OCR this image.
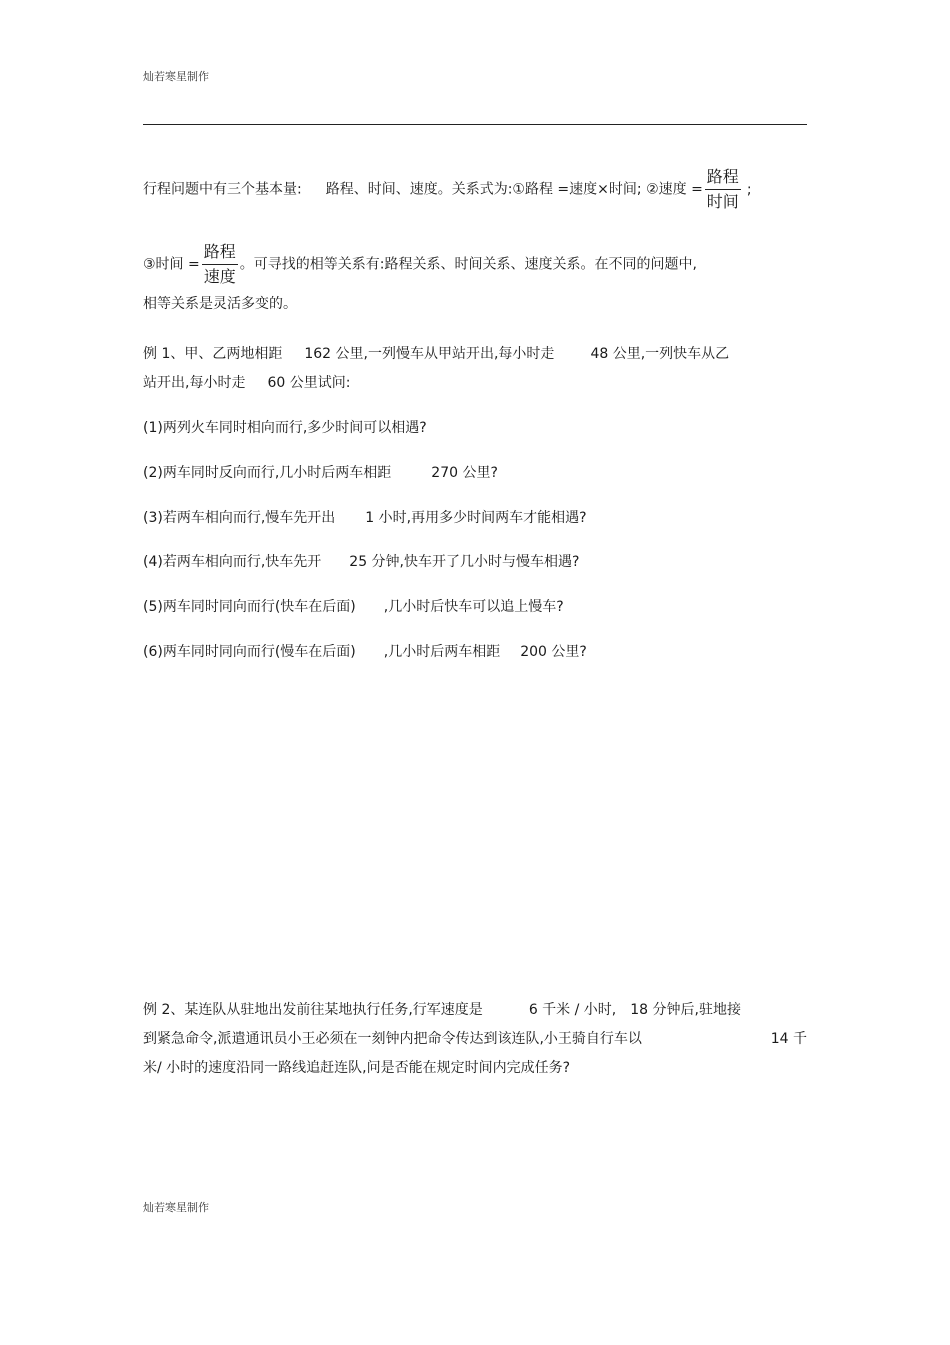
灿若寒星制作
行程问题中有三个基本量: 路程、时间、速度。关系式为:①路程 =速度×时间; ②速度 = $\frac{\text{路程}}{\text{时间}}$ ;
③时间 = $\frac{\text{路程}}{\text{速度}}$ 。可寻找的相等关系有:路程关系、时间关系、速度关系。在不同的问题中,
相等关系是灵活多变的。
例 1、甲、乙两地相距 162 公里,一列慢车从甲站开出,每小时走	48 公里,一列快车从乙
站开出,每小时走 60 公里试问:
(1)两列火车同时相向而行,多少时间可以相遇?
(2)两车同时反向而行,几小时后两车相距	270 公里?
(3)若两车相向而行,慢车先开出 1 小时,再用多少时间两车才能相遇?
(4)若两车相向而行,快车先开 25 分钟,快车开了几小时与慢车相遇?
(5)两车同时同向而行(快车在后面) ,几小时后快车可以追上慢车?
(6)两车同时同向而行(慢车在后面) ,几小时后两车相距 200 公里?
例 2、某连队从驻地出发前往某地执行任务,行军速度是	6 千米 / 小时, 18 分钟后,驻地接
到紧急命令,派遣通讯员小王必须在一刻钟内把命令传达到该连队,小王骑自行车以	14 千
米/ 小时的速度沿同一路线追赶连队,问是否能在规定时间内完成任务?
灿若寒星制作
